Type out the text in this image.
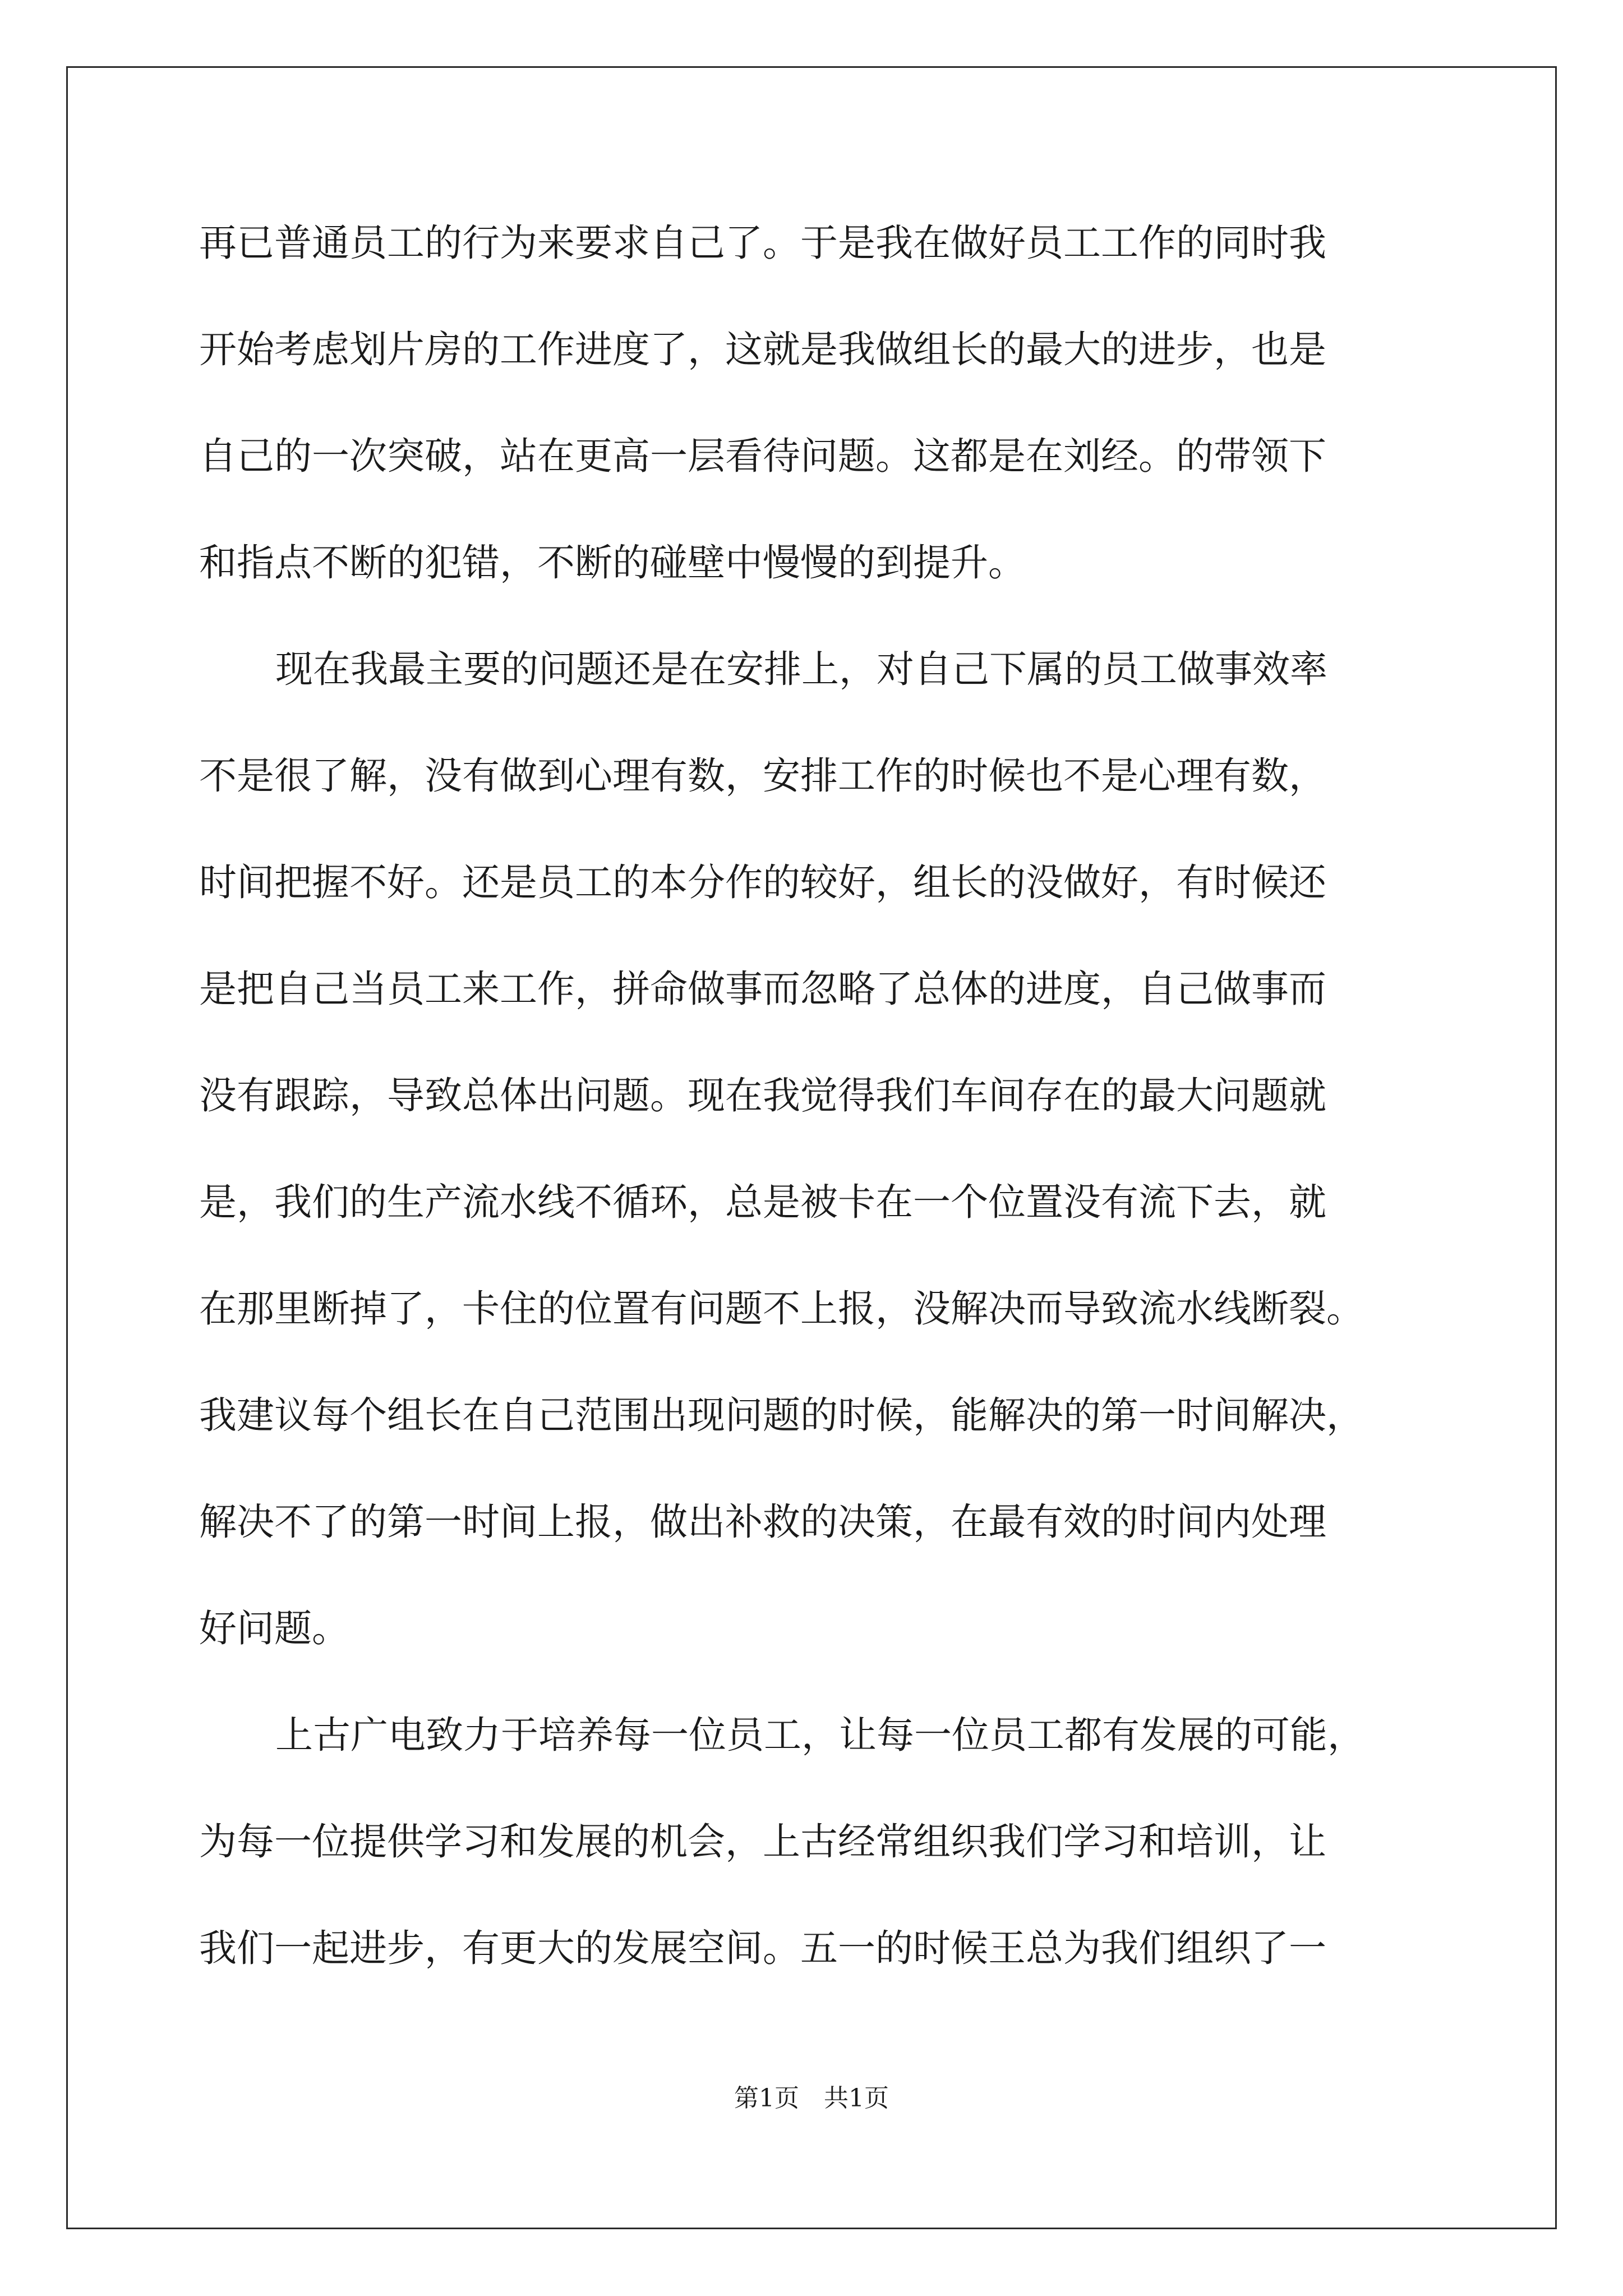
再已普通员工的行为来要求自己了。于是我在做好员工工作的同时我
开始考虑划片房的工作进度了，这就是我做组长的最大的进步，也是
自己的一次突破，站在更高一层看待问题。这都是在刘经。的带领下
和指点不断的犯错，不断的碰壁中慢慢的到提升。
现在我最主要的问题还是在安排上，对自己下属的员工做事效率
不是很了解，没有做到心理有数，安排工作的时候也不是心理有数，
时间把握不好。还是员工的本分作的较好，组长的没做好，有时候还
是把自己当员工来工作，拼命做事而忽略了总体的进度，自己做事而
没有跟踪，导致总体出问题。现在我觉得我们车间存在的最大问题就
是，我们的生产流水线不循环，总是被卡在一个位置没有流下去，就
在那里断掉了，卡住的位置有问题不上报，没解决而导致流水线断裂。
我建议每个组长在自己范围出现问题的时候，能解决的第一时间解决，
解决不了的第一时间上报，做出补救的决策，在最有效的时间内处理
好问题。
上古广电致力于培养每一位员工，让每一位员工都有发展的可能，
为每一位提供学习和发展的机会，上古经常组织我们学习和培训，让
我们一起进步，有更大的发展空间。五一的时候王总为我们组织了一
第1页　共1页
